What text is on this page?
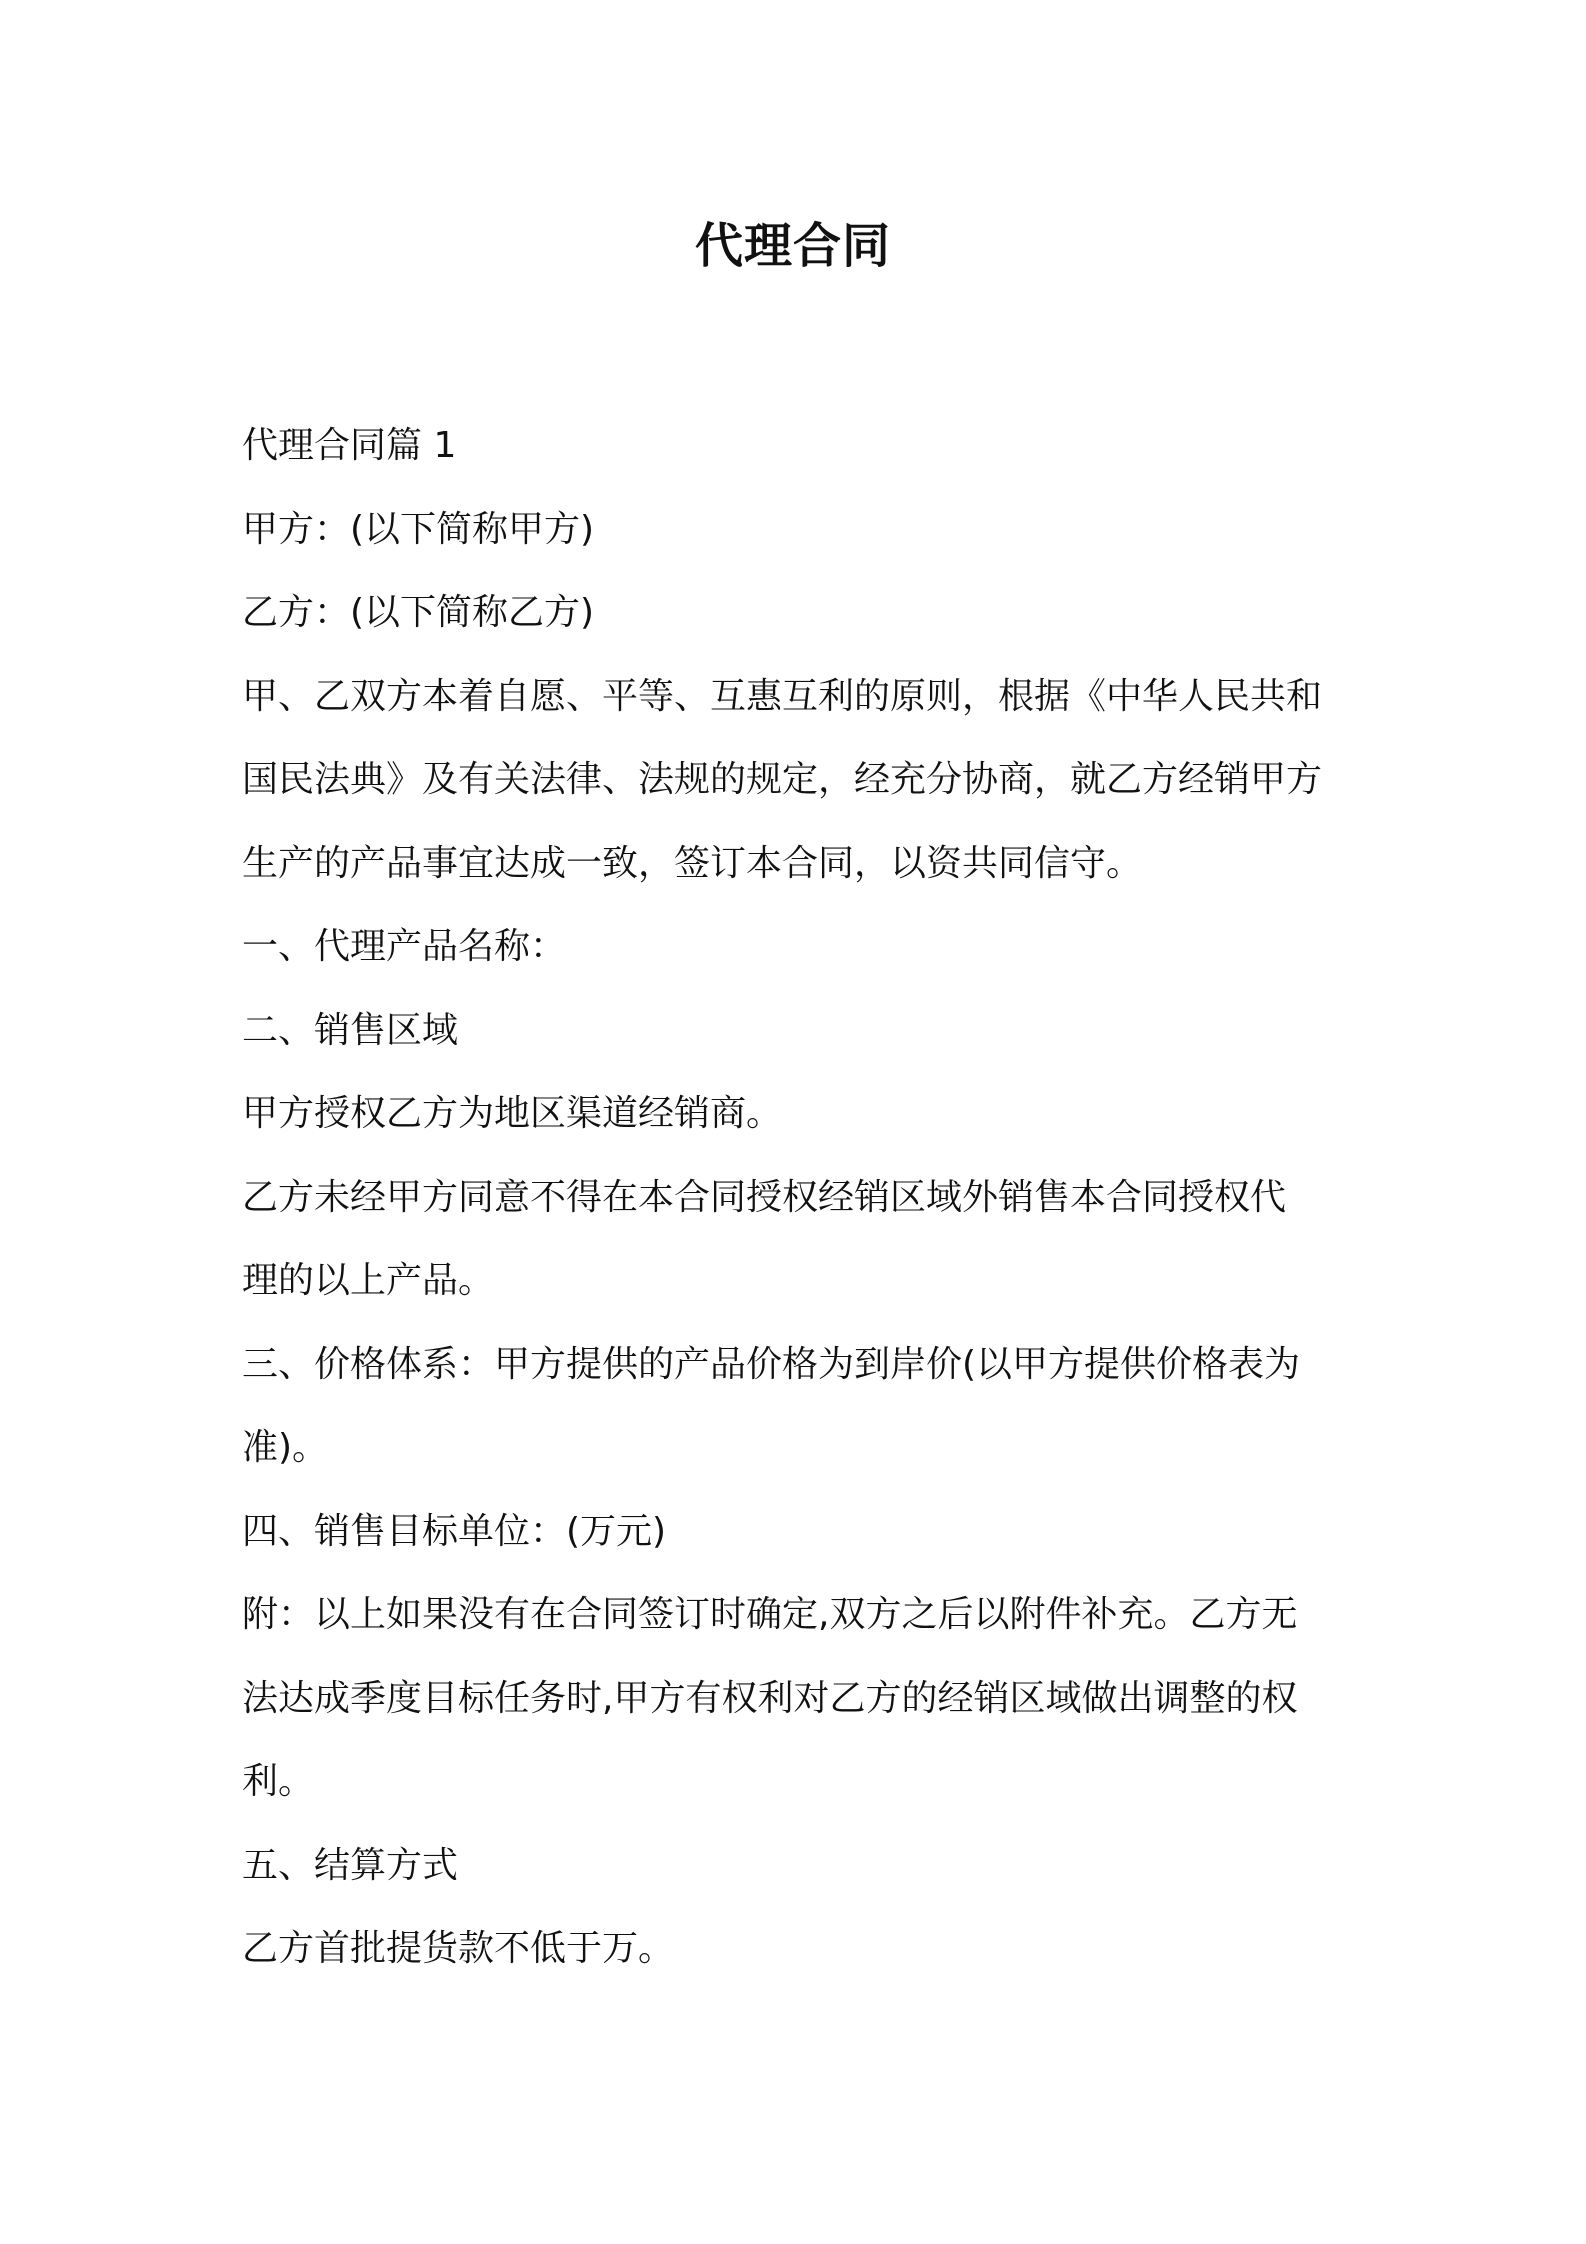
代理合同

代理合同篇 1

甲方：(以下简称甲方)

乙方：(以下简称乙方)

甲、乙双方本着自愿、平等、互惠互利的原则，根据《中华人民共和
国民法典》及有关法律、法规的规定，经充分协商，就乙方经销甲方
生产的产品事宜达成一致，签订本合同，以资共同信守。

一、代理产品名称：

二、销售区域

甲方授权乙方为地区渠道经销商。

乙方未经甲方同意不得在本合同授权经销区域外销售本合同授权代
理的以上产品。

三、价格体系：甲方提供的产品价格为到岸价(以甲方提供价格表为
准)。

四、销售目标单位：(万元)

附：以上如果没有在合同签订时确定,双方之后以附件补充。乙方无
法达成季度目标任务时,甲方有权利对乙方的经销区域做出调整的权
利。

五、结算方式

乙方首批提货款不低于万。
